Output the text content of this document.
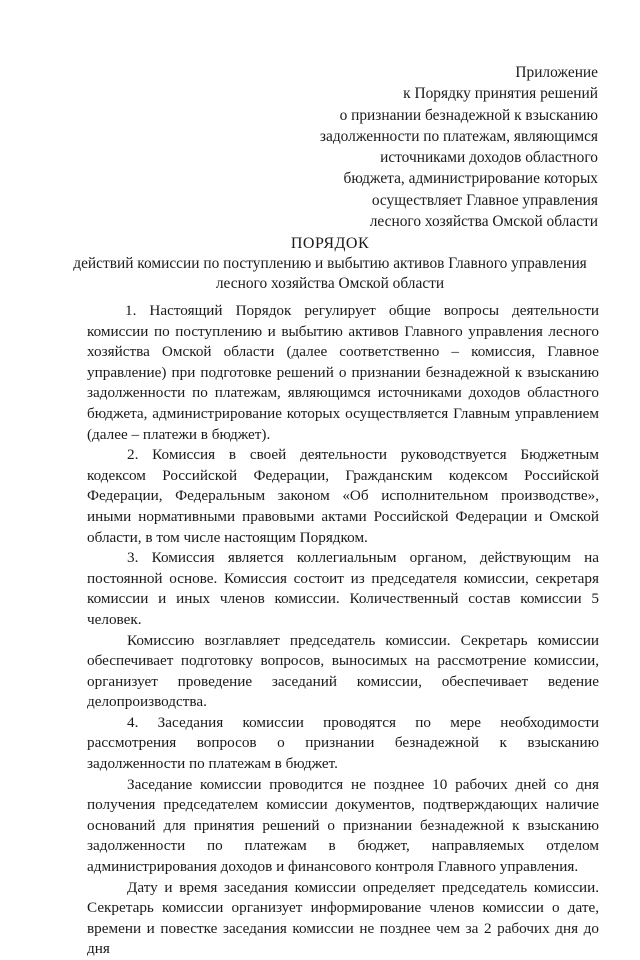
Приложение
к Порядку принятия решений
о признании безнадежной к взысканию
задолженности по платежам, являющимся
источниками доходов областного
бюджета, администрирование которых
осуществляет Главное управления
лесного хозяйства Омской области
ПОРЯДОК
действий комиссии по поступлению и выбытию активов Главного управления
лесного хозяйства Омской области

1. Настоящий Порядок регулирует общие вопросы деятельности комиссии по поступлению и выбытию активов Главного управления лесного хозяйства Омской области (далее соответственно – комиссия, Главное управление) при подготовке решений о признании безнадежной к взысканию задолженности по платежам, являющимся источниками доходов областного бюджета, администрирование которых осуществляется Главным управлением (далее – платежи в бюджет).

2. Комиссия в своей деятельности руководствуется Бюджетным кодексом Российской Федерации, Гражданским кодексом Российской Федерации, Федеральным законом «Об исполнительном производстве», иными нормативными правовыми актами Российской Федерации и Омской области, в том числе настоящим Порядком.

3. Комиссия является коллегиальным органом, действующим на постоянной основе. Комиссия состоит из председателя комиссии, секретаря комиссии и иных членов комиссии. Количественный состав комиссии 5 человек.

Комиссию возглавляет председатель комиссии. Секретарь комиссии обеспечивает подготовку вопросов, выносимых на рассмотрение комиссии, организует проведение заседаний комиссии, обеспечивает ведение делопроизводства.

4. Заседания комиссии проводятся по мере необходимости рассмотрения вопросов о признании безнадежной к взысканию задолженности по платежам в бюджет.

Заседание комиссии проводится не позднее 10 рабочих дней со дня получения председателем комиссии документов, подтверждающих наличие оснований для принятия решений о признании безнадежной к взысканию задолженности по платежам в бюджет, направляемых отделом администрирования доходов и финансового контроля Главного управления.

Дату и время заседания комиссии определяет председатель комиссии. Секретарь комиссии организует информирование членов комиссии о дате, времени и повестке заседания комиссии не позднее чем за 2 рабочих дня до дня
